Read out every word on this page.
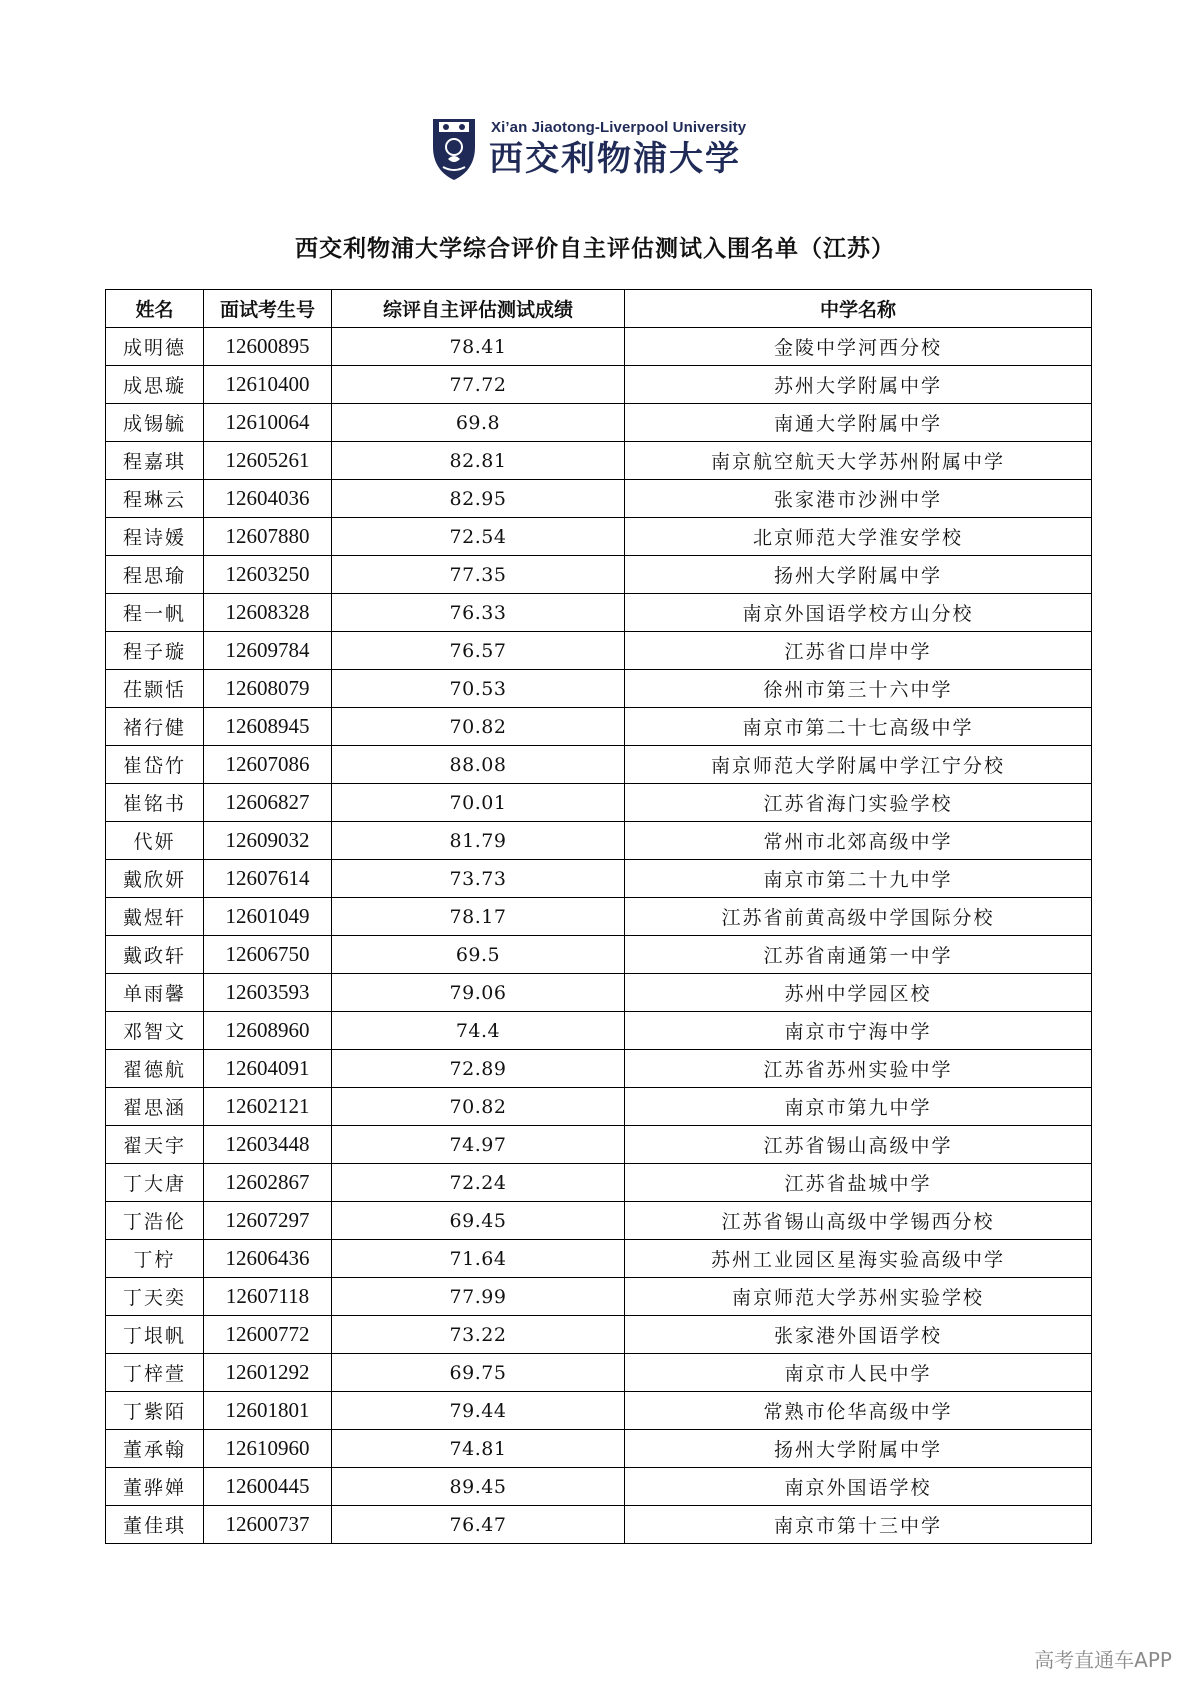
Xi’an Jiaotong-Liverpool University
西交利物浦大学
西交利物浦大学综合评价自主评估测试入围名单（江苏）
姓名	面试考生号	综评自主评估测试成绩	中学名称
成明德	12600895	78.41	金陵中学河西分校
成思璇	12610400	77.72	苏州大学附属中学
成锡毓	12610064	69.8	南通大学附属中学
程嘉琪	12605261	82.81	南京航空航天大学苏州附属中学
程琳云	12604036	82.95	张家港市沙洲中学
程诗媛	12607880	72.54	北京师范大学淮安学校
程思瑜	12603250	77.35	扬州大学附属中学
程一帆	12608328	76.33	南京外国语学校方山分校
程子璇	12609784	76.57	江苏省口岸中学
茌颢恬	12608079	70.53	徐州市第三十六中学
褚行健	12608945	70.82	南京市第二十七高级中学
崔岱竹	12607086	88.08	南京师范大学附属中学江宁分校
崔铭书	12606827	70.01	江苏省海门实验学校
代妍	12609032	81.79	常州市北郊高级中学
戴欣妍	12607614	73.73	南京市第二十九中学
戴煜轩	12601049	78.17	江苏省前黄高级中学国际分校
戴政轩	12606750	69.5	江苏省南通第一中学
单雨馨	12603593	79.06	苏州中学园区校
邓智文	12608960	74.4	南京市宁海中学
翟德航	12604091	72.89	江苏省苏州实验中学
翟思涵	12602121	70.82	南京市第九中学
翟天宇	12603448	74.97	江苏省锡山高级中学
丁大唐	12602867	72.24	江苏省盐城中学
丁浩伦	12607297	69.45	江苏省锡山高级中学锡西分校
丁柠	12606436	71.64	苏州工业园区星海实验高级中学
丁天奕	12607118	77.99	南京师范大学苏州实验学校
丁垠帆	12600772	73.22	张家港外国语学校
丁梓萱	12601292	69.75	南京市人民中学
丁紫陌	12601801	79.44	常熟市伦华高级中学
董承翰	12610960	74.81	扬州大学附属中学
董骅婵	12600445	89.45	南京外国语学校
董佳琪	12600737	76.47	南京市第十三中学
高考直通车APP
